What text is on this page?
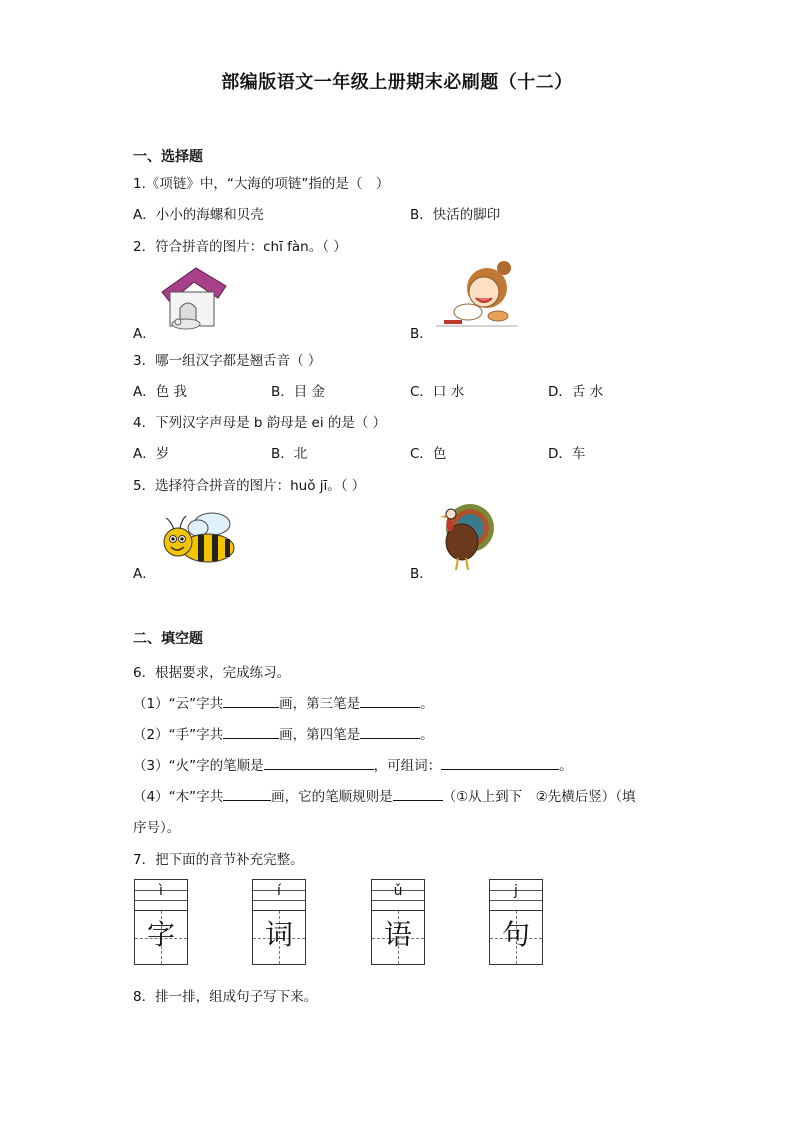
部编版语文一年级上册期末必刷题（十二）
一、选择题
1.《项链》中，“大海的项链”指的是（　）
A．小小的海螺和贝壳	B．快活的脚印
2．符合拼音的图片：chī fàn。（ ）
A．	B．
3．哪一组汉字都是翘舌音（ ）
A．色 我	B．目 金	C．口 水	D．舌 水
4．下列汉字声母是 b 韵母是 ei 的是（ ）
A．岁	B．北	C．色	D．车
5．选择符合拼音的图片：huǒ jī。（ ）
A．	B．
二、填空题
6．根据要求，完成练习。
（1）“云”字共	画，第三笔是	。
（2）“手”字共	画，第四笔是	。
（3）“火”字的笔顺是	，可组词：	。
（4）“木”字共	画，它的笔顺规则是	（①从上到下　②先横后竖）（填
序号）。
7．把下面的音节补充完整。
ì
字
í
词
ǔ
语
j
句
8．排一排，组成句子写下来。
